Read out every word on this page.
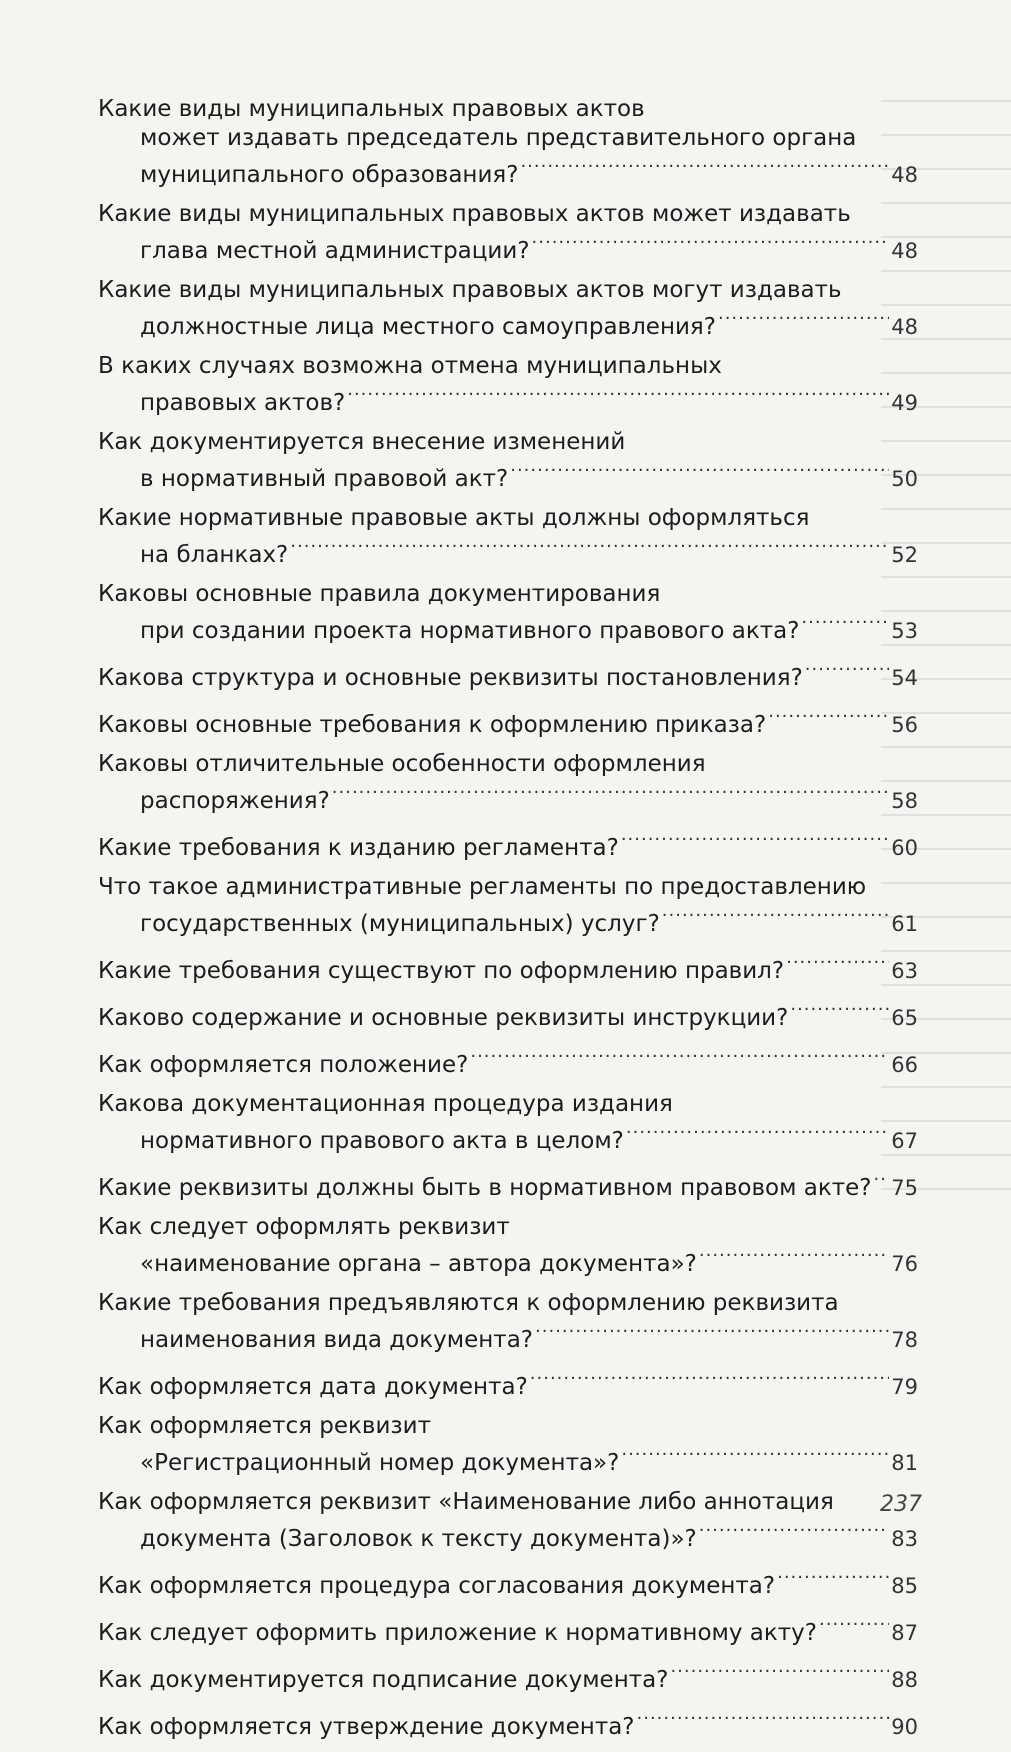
Какие виды муниципальных правовых актов
может издавать председатель представительного органа
муниципального образования? .....	48
Какие виды муниципальных правовых актов может издавать
глава местной администрации? .....	48
Какие виды муниципальных правовых актов могут издавать
должностные лица местного самоуправления? .....	48
В каких случаях возможна отмена муниципальных
правовых актов? .....	49
Как документируется внесение изменений
в нормативный правовой акт? .....	50
Какие нормативные правовые акты должны оформляться
на бланках? .....	52
Каковы основные правила документирования
при создании проекта нормативного правового акта? .....	53
Какова структура и основные реквизиты постановления? .....	54
Каковы основные требования к оформлению приказа? .....	56
Каковы отличительные особенности оформления
распоряжения? .....	58
Какие требования к изданию регламента? .....	60
Что такое административные регламенты по предоставлению
государственных (муниципальных) услуг? .....	61
Какие требования существуют по оформлению правил? .....	63
Каково содержание и основные реквизиты инструкции? .....	65
Как оформляется положение? .....	66
Какова документационная процедура издания
нормативного правового акта в целом? .....	67
Какие реквизиты должны быть в нормативном правовом акте? ..... 75
Как следует оформлять реквизит
«наименование органа – автора документа»? .....	76
Какие требования предъявляются к оформлению реквизита
наименования вида документа? .....	78
Как оформляется дата документа? .....	79
Как оформляется реквизит
«Регистрационный номер документа»? .....	81
Как оформляется реквизит «Наименование либо аннотация
документа (Заголовок к тексту документа)»? .....	83
Как оформляется процедура согласования документа? .....	85
Как следует оформить приложение к нормативному акту? .....	87
Как документируется подписание документа? .....	88
Как оформляется утверждение документа? .....	90
237
